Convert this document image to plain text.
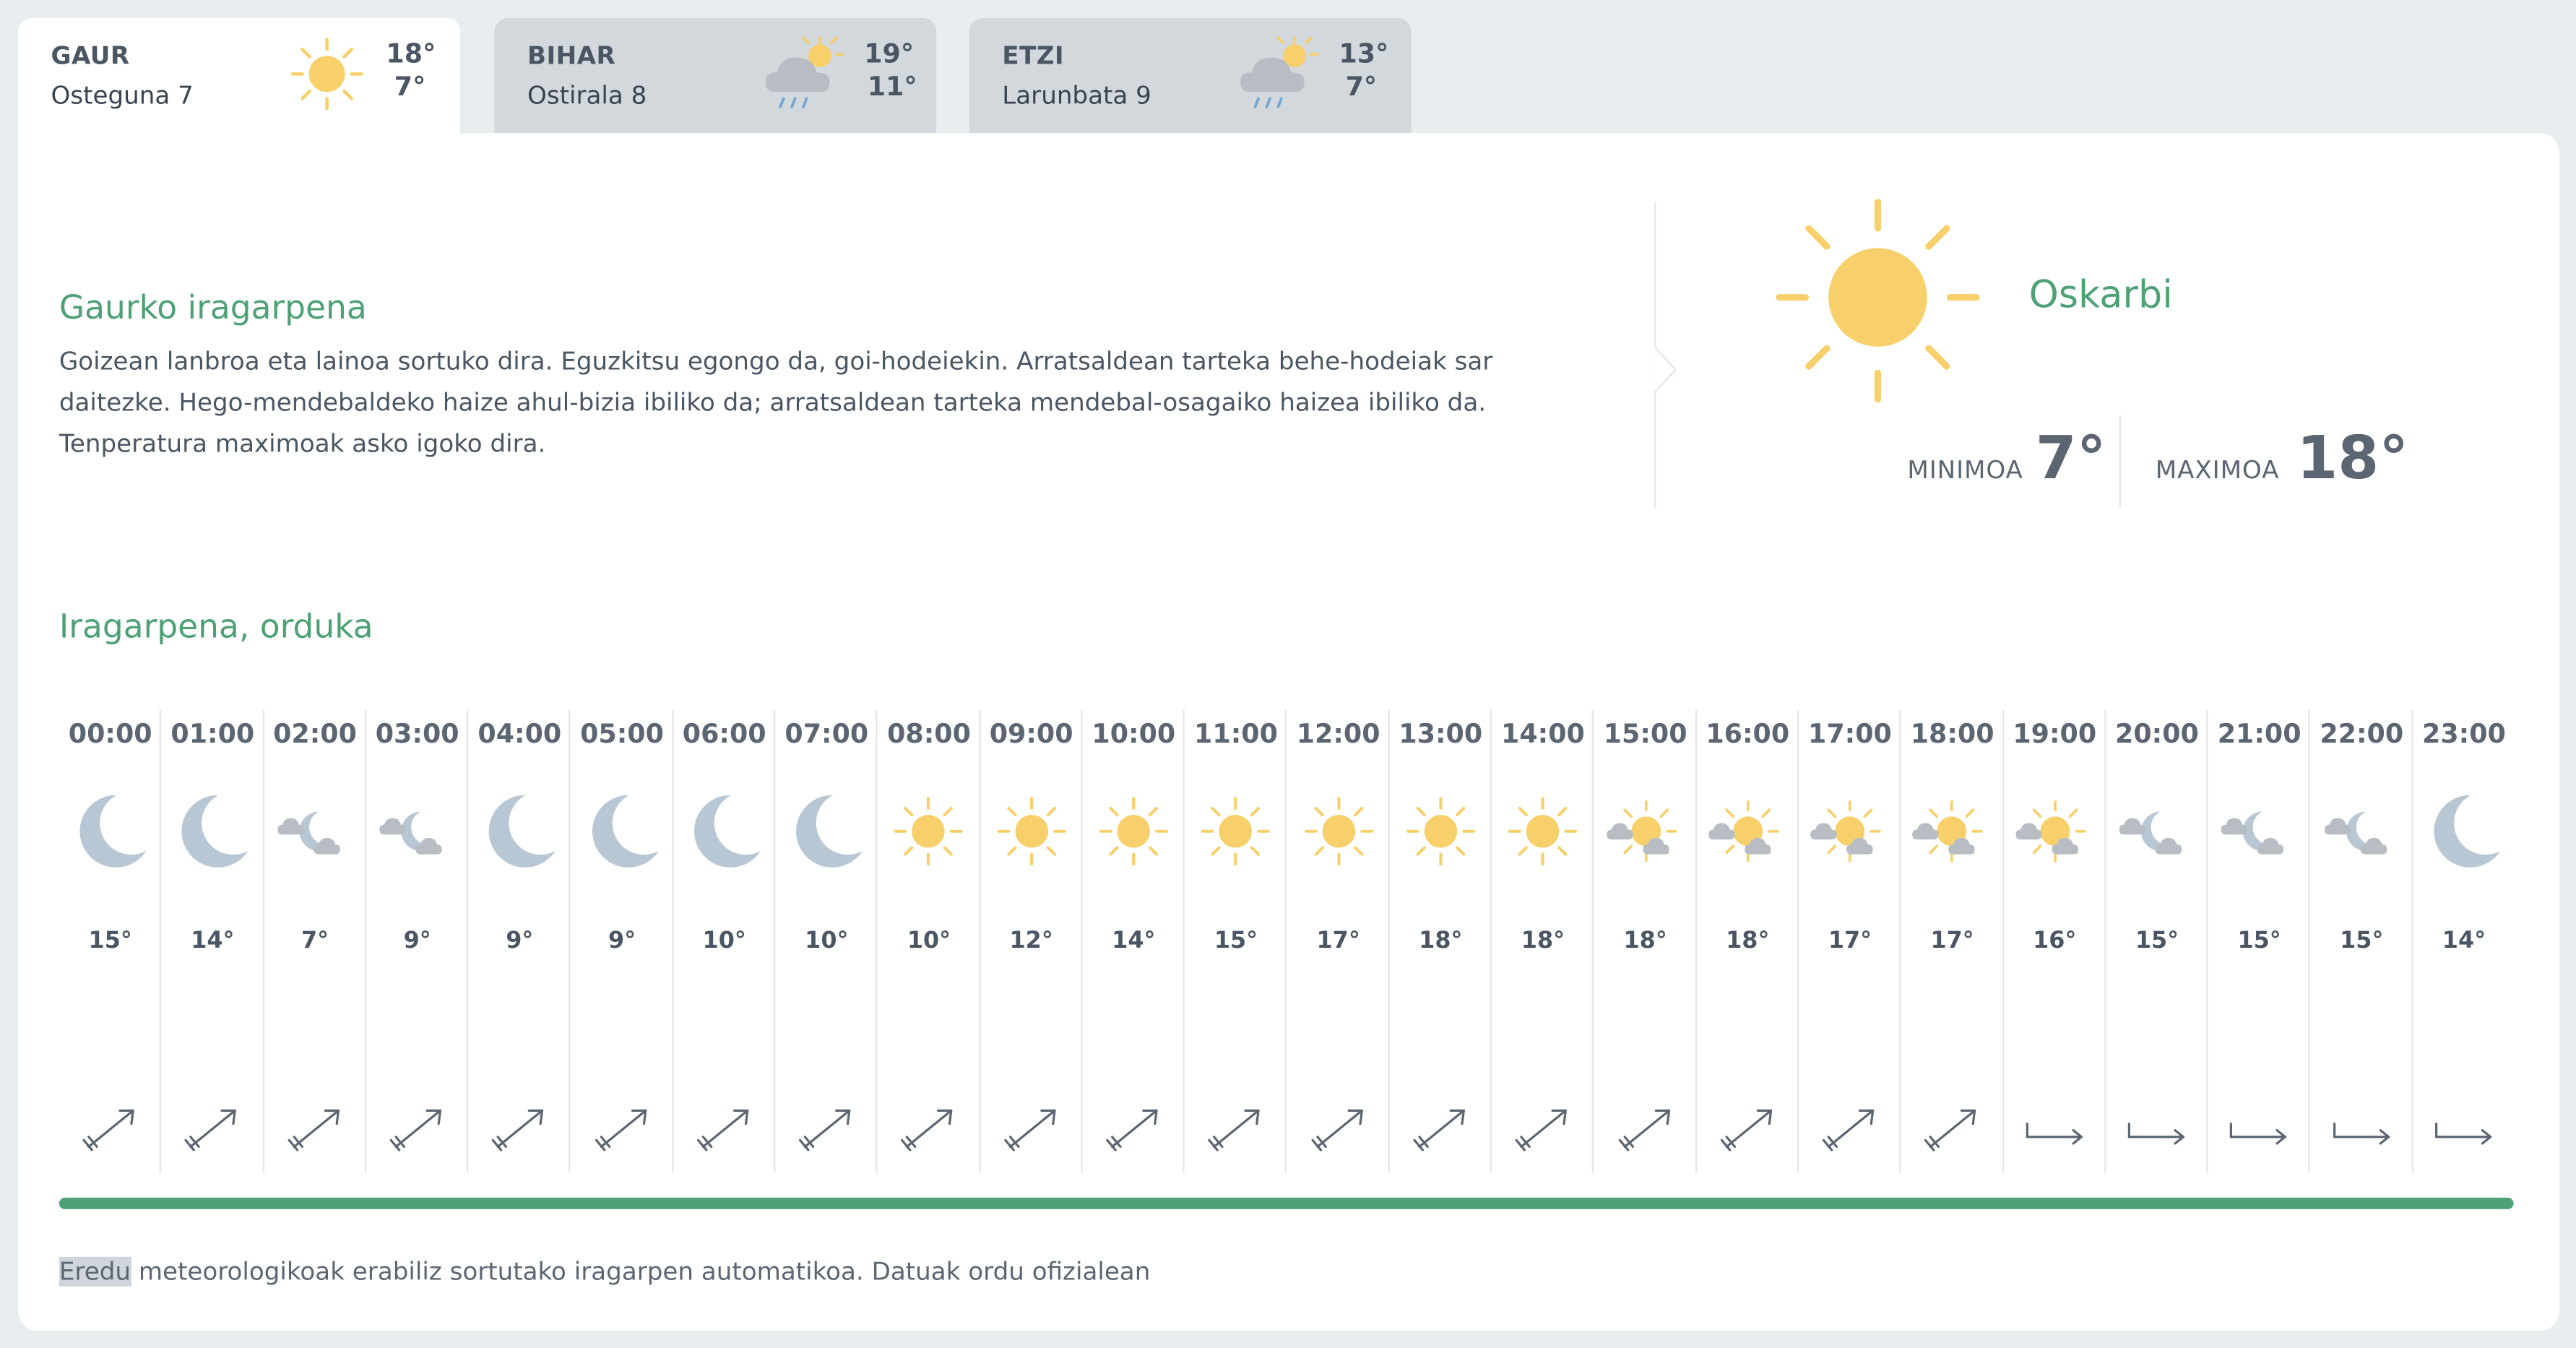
GAUR
Osteguna 7
18°
7°
BIHAR
Ostirala 8
19°
11°
ETZI
Larunbata 9
13°
7°
Gaurko iragarpena
Goizean lanbroa eta lainoa sortuko dira. Eguzkitsu egongo da, goi-hodeiekin. Arratsaldean tarteka behe-hodeiak sar daitezke. Hego-mendebaldeko haize ahul-bizia ibiliko da; arratsaldean tarteka mendebal-osagaiko haizea ibiliko da. Tenperatura maximoak asko igoko dira.
Oskarbi
MINIMOA 7°	MAXIMOA 18°
Iragarpena, orduka
00:00
15°
01:00
14°
02:00
7°
03:00
9°
04:00
9°
05:00
9°
06:00
10°
07:00
10°
08:00
10°
09:00
12°
10:00
14°
11:00
15°
12:00
17°
13:00
18°
14:00
18°
15:00
18°
16:00
18°
17:00
17°
18:00
17°
19:00
16°
20:00
15°
21:00
15°
22:00
15°
23:00
14°
Eredu meteorologikoak erabiliz sortutako iragarpen automatikoa. Datuak ordu ofizialean
